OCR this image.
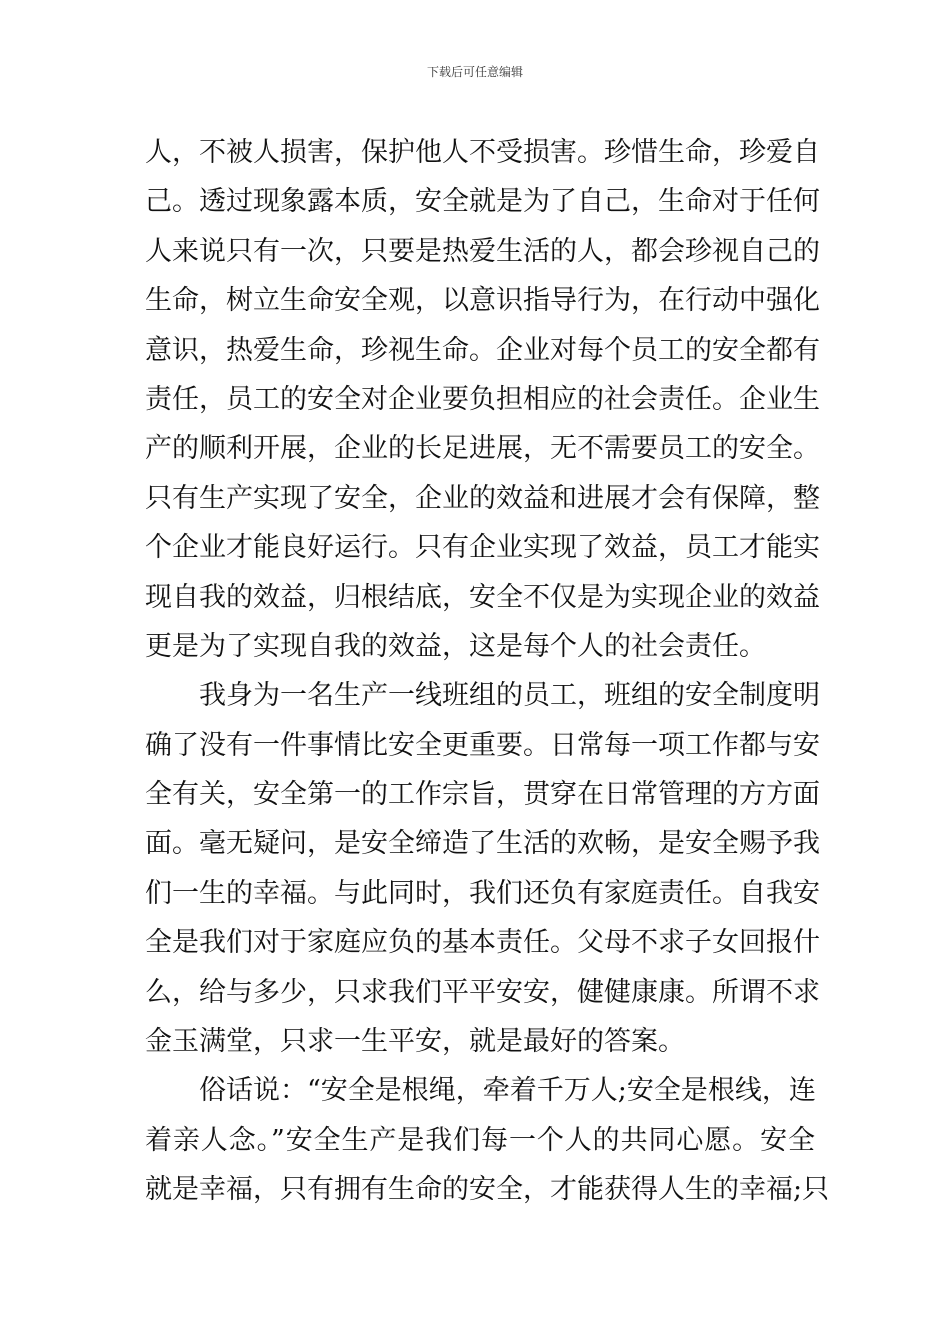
下载后可任意编辑
人，不被人损害，保护他人不受损害。珍惜生命，珍爱自
己。透过现象露本质，安全就是为了自己，生命对于任何
人来说只有一次，只要是热爱生活的人，都会珍视自己的
生命，树立生命安全观，以意识指导行为，在行动中强化
意识，热爱生命，珍视生命。企业对每个员工的安全都有
责任，员工的安全对企业要负担相应的社会责任。企业生
产的顺利开展，企业的长足进展，无不需要员工的安全。
只有生产实现了安全，企业的效益和进展才会有保障，整
个企业才能良好运行。只有企业实现了效益，员工才能实
现自我的效益，归根结底，安全不仅是为实现企业的效益
更是为了实现自我的效益，这是每个人的社会责任。
我身为一名生产一线班组的员工，班组的安全制度明
确了没有一件事情比安全更重要。日常每一项工作都与安
全有关，安全第一的工作宗旨，贯穿在日常管理的方方面
面。毫无疑问，是安全缔造了生活的欢畅，是安全赐予我
们一生的幸福。与此同时，我们还负有家庭责任。自我安
全是我们对于家庭应负的基本责任。父母不求子女回报什
么，给与多少，只求我们平平安安，健健康康。所谓不求
金玉满堂，只求一生平安，就是最好的答案。
俗话说：“安全是根绳，牵着千万人;安全是根线，连
着亲人念。”安全生产是我们每一个人的共同心愿。安全
就是幸福，只有拥有生命的安全，才能获得人生的幸福;只
